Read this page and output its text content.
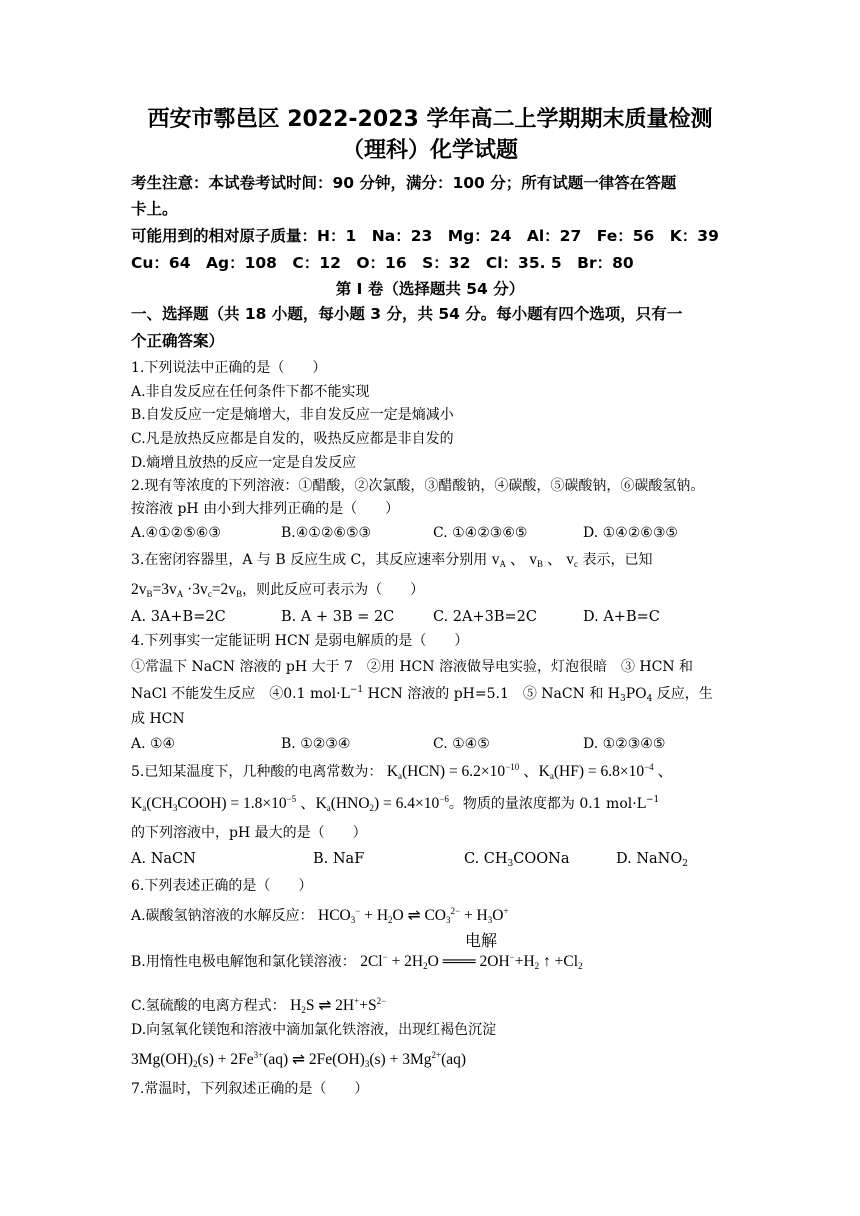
西安市鄠邑区 2022-2023 学年高二上学期期末质量检测
（理科）化学试题
考生注意：本试卷考试时间：90 分钟，满分：100 分；所有试题一律答在答题
卡上。
可能用到的相对原子质量：H：1　Na：23　Mg：24　Al：27　Fe：56　K：39
Cu：64　Ag：108　C：12　O：16　S：32　Cl：35. 5　Br：80
第 I 卷（选择题共 54 分）
一、选择题（共 18 小题，每小题 3 分，共 54 分。每小题有四个选项，只有一
个正确答案）
1.下列说法中正确的是（　　）
A.非自发反应在任何条件下都不能实现
B.自发反应一定是熵增大，非自发反应一定是熵减小
C.凡是放热反应都是自发的，吸热反应都是非自发的
D.熵增且放热的反应一定是自发反应
2.现有等浓度的下列溶液：①醋酸，②次氯酸，③醋酸钠，④碳酸，⑤碳酸钠，⑥碳酸氢钠。
按溶液 pH 由小到大排列正确的是（　　）
A.④①②⑤⑥③	B.④①②⑥⑤③	C. ①④②③⑥⑤	D. ①④②⑥③⑤
3.在密闭容器里，A 与 B 反应生成 C，其反应速率分别用 $v_A$ 、 $v_B$ 、 $v_c$ 表示，已知
$2v_B=3v_A \cdot 3v_c=2v_B$，则此反应可表示为（　　）
A. 3A+B=2C	B. A + 3B = 2C	C. 2A+3B=2C	D. A+B=C
4.下列事实一定能证明 HCN 是弱电解质的是（　　）
①常温下 NaCN 溶液的 pH 大于 7　②用 HCN 溶液做导电实验，灯泡很暗　③ HCN 和
NaCl 不能发生反应　④0.1 $mol\cdot L^{-1}$ HCN 溶液的 pH=5.1　⑤ NaCN 和 $H_3PO_4$ 反应，生
成 HCN
A. ①④	B. ①②③④	C. ①④⑤	D. ①②③④⑤
5.已知某温度下，几种酸的电离常数为： $K_a(HCN) = 6.2\times 10^{-10}$ 、$K_a(HF) = 6.8\times 10^{-4}$ 、
$K_a(CH_3COOH) = 1.8\times 10^{-5}$ 、$K_a(HNO_2) = 6.4\times 10^{-6}$。物质的量浓度都为 0.1 $mol\cdot L^{-1}$
的下列溶液中，pH 最大的是（　　）
A. NaCN	B. NaF	C. $CH_3COONa$	D. NaNO$_2$
6.下列表述正确的是（　　）
A.碳酸氢钠溶液的水解反应： $HCO_3^- + H_2O$ ⇌ $CO_3^{2-} + H_3O^+$
电解
B.用惰性电极电解饱和氯化镁溶液： $2Cl^- + 2H_2O$ ═══ $2OH^-+H_2$ ↑ $+Cl_2$
C.氢硫酸的电离方程式： $H_2S$ ⇌ $2H^++S^{2-}$
D.向氢氧化镁饱和溶液中滴加氯化铁溶液，出现红褐色沉淀
$3Mg(OH)_2(s) + 2Fe^{3+}(aq)$ ⇌ $2Fe(OH)_3(s) + 3Mg^{2+}(aq)$
7.常温时，下列叙述正确的是（　　）
